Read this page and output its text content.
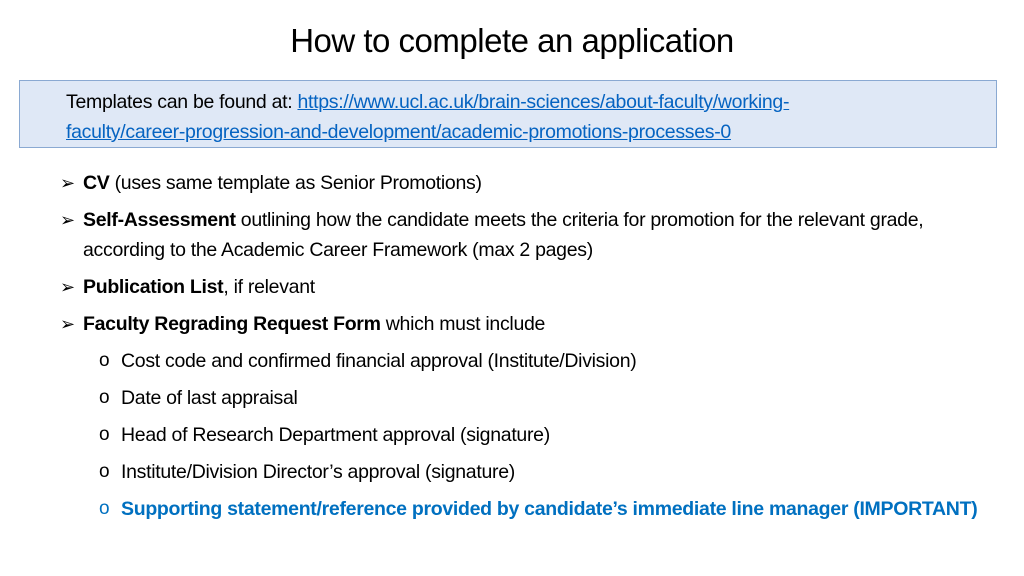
How to complete an application
Templates can be found at: https://www.ucl.ac.uk/brain-sciences/about-faculty/working-
faculty/career-progression-and-development/academic-promotions-processes-0
➢ CV (uses same template as Senior Promotions)
➢ Self-Assessment outlining how the candidate meets the criteria for promotion for the relevant grade, according to the Academic Career Framework (max 2 pages)
➢ Publication List, if relevant
➢ Faculty Regrading Request Form which must include
o Cost code and confirmed financial approval (Institute/Division)
o Date of last appraisal
o Head of Research Department approval (signature)
o Institute/Division Director’s approval (signature)
o Supporting statement/reference provided by candidate’s immediate line manager (IMPORTANT)
